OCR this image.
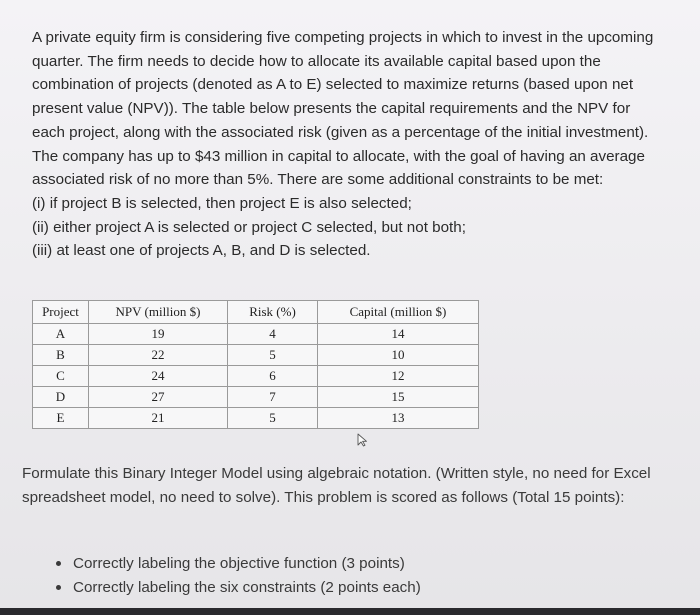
A private equity firm is considering five competing projects in which to invest in the upcoming quarter. The firm needs to decide how to allocate its available capital based upon the combination of projects (denoted as A to E) selected to maximize returns (based upon net present value (NPV)). The table below presents the capital requirements and the NPV for each project, along with the associated risk (given as a percentage of the initial investment). The company has up to $43 million in capital to allocate, with the goal of having an average associated risk of no more than 5%. There are some additional constraints to be met:

(i) if project B is selected, then project E is also selected;

(ii) either project A is selected or project C selected, but not both;

(iii) at least one of projects A, B, and D is selected.

Project	NPV (million $)	Risk (%)	Capital (million $)
A	19	4	14
B	22	5	10
C	24	6	12
D	27	7	15
E	21	5	13

Formulate this Binary Integer Model using algebraic notation. (Written style, no need for Excel spreadsheet model, no need to solve). This problem is scored as follows (Total 15 points):

Correctly labeling the objective function (3 points)
Correctly labeling the six constraints (2 points each)
